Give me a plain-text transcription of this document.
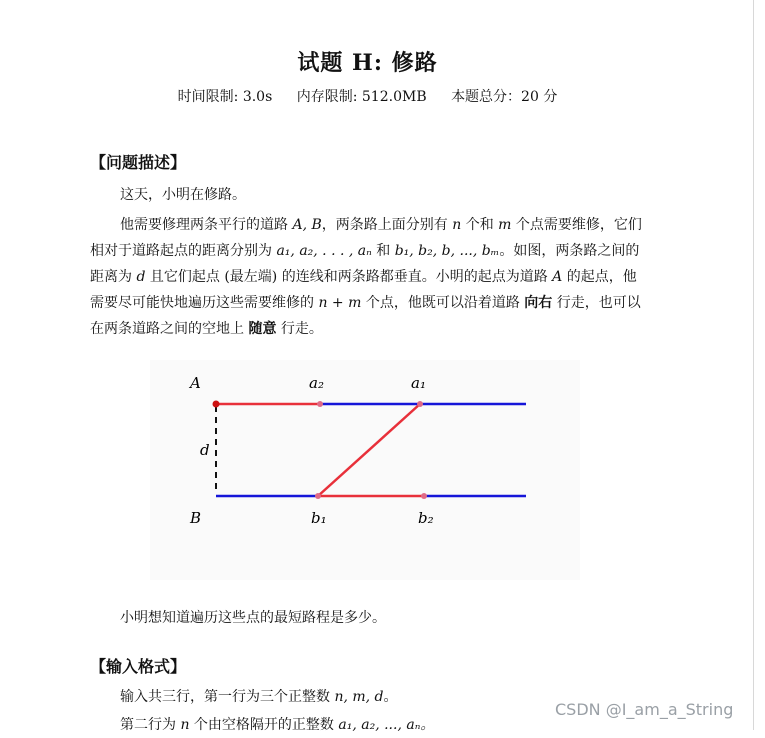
试题 H: 修路
时间限制: 3.0s 内存限制: 512.0MB 本题总分：20 分
【问题描述】
这天，小明在修路。
他需要修理两条平行的道路 A, B，两条路上面分别有 n 个和 m 个点需要维修，它们相对于道路起点的距离分别为 a₁, a₂, . . . , aₙ 和 b₁, b₂, b, ..., bₘ。如图，两条路之间的距离为 d 且它们起点 (最左端) 的连线和两条路都垂直。小明的起点为道路 A 的起点，他需要尽可能快地遍历这些需要维修的 n + m 个点，他既可以沿着道路 向右 行走，也可以在两条道路之间的空地上 随意 行走。
A
B
d
a₂	a₁
b₁	b₂
小明想知道遍历这些点的最短路程是多少。
【输入格式】
输入共三行，第一行为三个正整数 n, m, d。
第二行为 n 个由空格隔开的正整数 a₁, a₂, ..., aₙ。
CSDN @I_am_a_String
